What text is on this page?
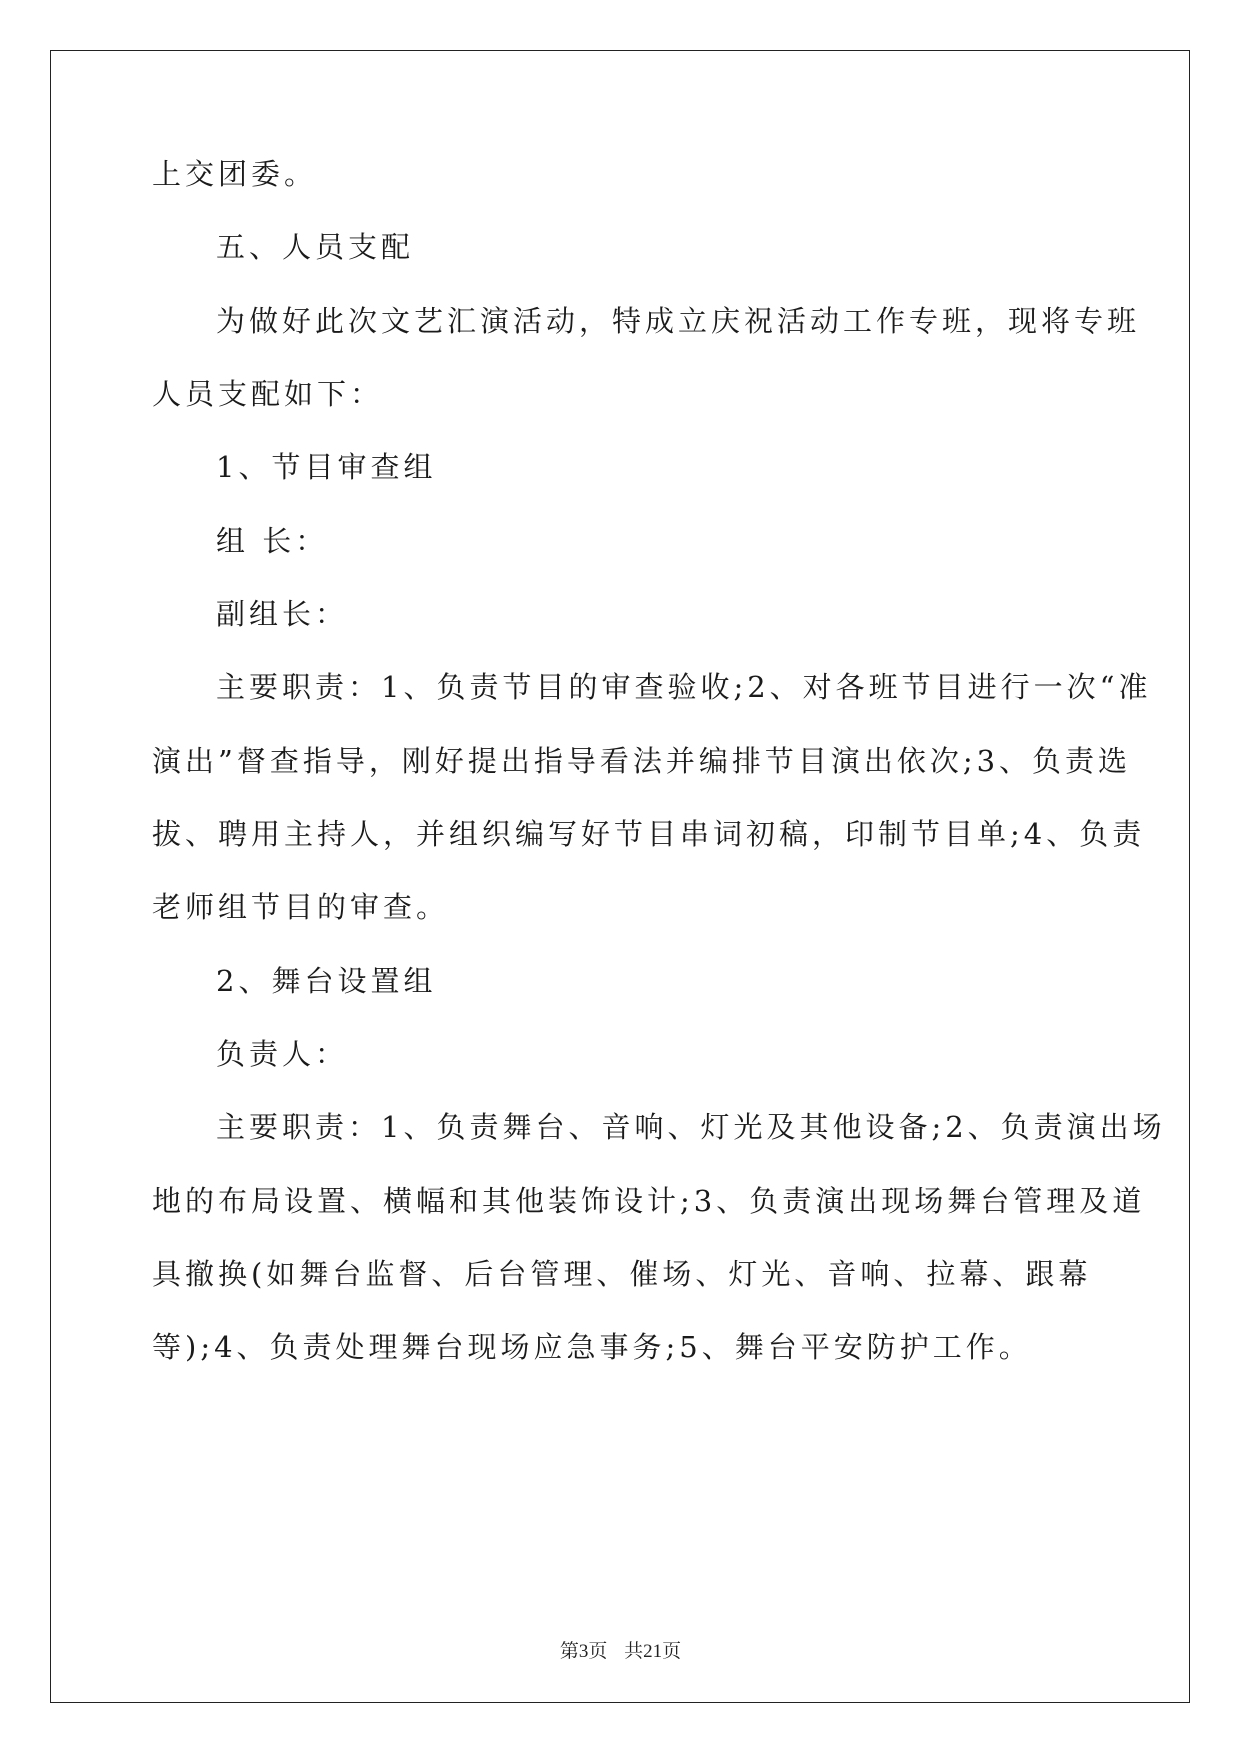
上交团委。
五、人员支配
为做好此次文艺汇演活动，特成立庆祝活动工作专班，现将专班
人员支配如下：
1、节目审查组
组 长：
副组长：
主要职责：1、负责节目的审查验收;2、对各班节目进行一次“准
演出”督查指导，刚好提出指导看法并编排节目演出依次;3、负责选
拔、聘用主持人，并组织编写好节目串词初稿，印制节目单;4、负责
老师组节目的审查。
2、舞台设置组
负责人：
主要职责：1、负责舞台、音响、灯光及其他设备;2、负责演出场
地的布局设置、横幅和其他装饰设计;3、负责演出现场舞台管理及道
具撤换(如舞台监督、后台管理、催场、灯光、音响、拉幕、跟幕
等);4、负责处理舞台现场应急事务;5、舞台平安防护工作。
第3页 共21页
